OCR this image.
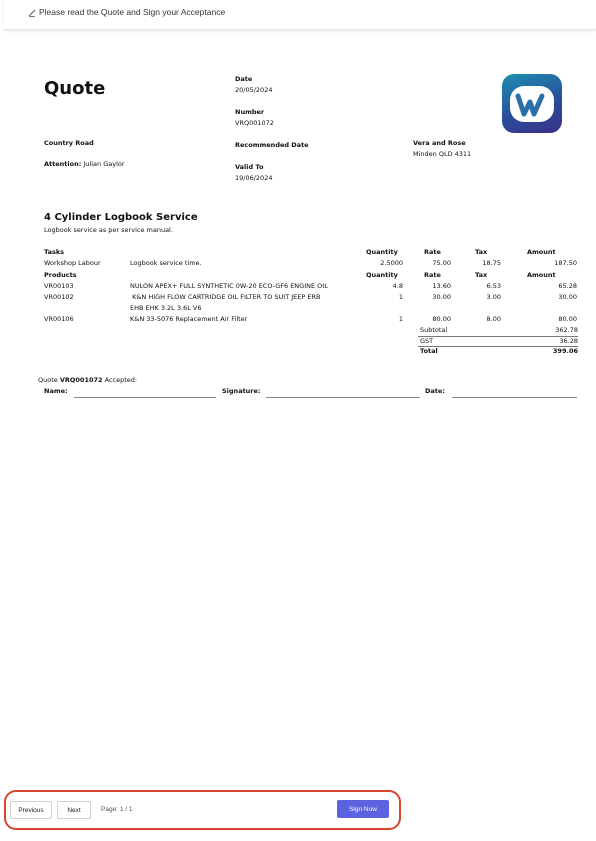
Please read the Quote and Sign your Acceptance
Quote	Date
20/05/2024
Number
VRQ001072
Recommended Date
Valid To
19/06/2024
Country Road
Attention: Julian Gaylor
Vera and Rose
Minden QLD 4311
4 Cylinder Logbook Service
Logbook service as per service manual.
Tasks	Quantity	Rate	Tax	Amount
Workshop Labour	Logbook service time.	2.5000	75.00	18.75	187.50
Products	Quantity	Rate	Tax	Amount
VR00103	NULON APEX+ FULL SYNTHETIC 0W-20 ECO-GF6 ENGINE OIL	4.8	13.60	6.53	65.28
VR00102	K&N HIGH FLOW CARTRIDGE OIL FILTER TO SUIT JEEP ERB	1	30.00	3.00	30.00
EHB EHK 3.2L 3.6L V6
VR00106	K&N 33-5076 Replacement Air Filter	1	80.00	8.00	80.00
Subtotal	362.78
GST	36.28
Total	399.06
Quote VRQ001072 Accepted:
Name:	Signature:	Date:
Previous	Next	Page: 1 / 1	Sign Now
